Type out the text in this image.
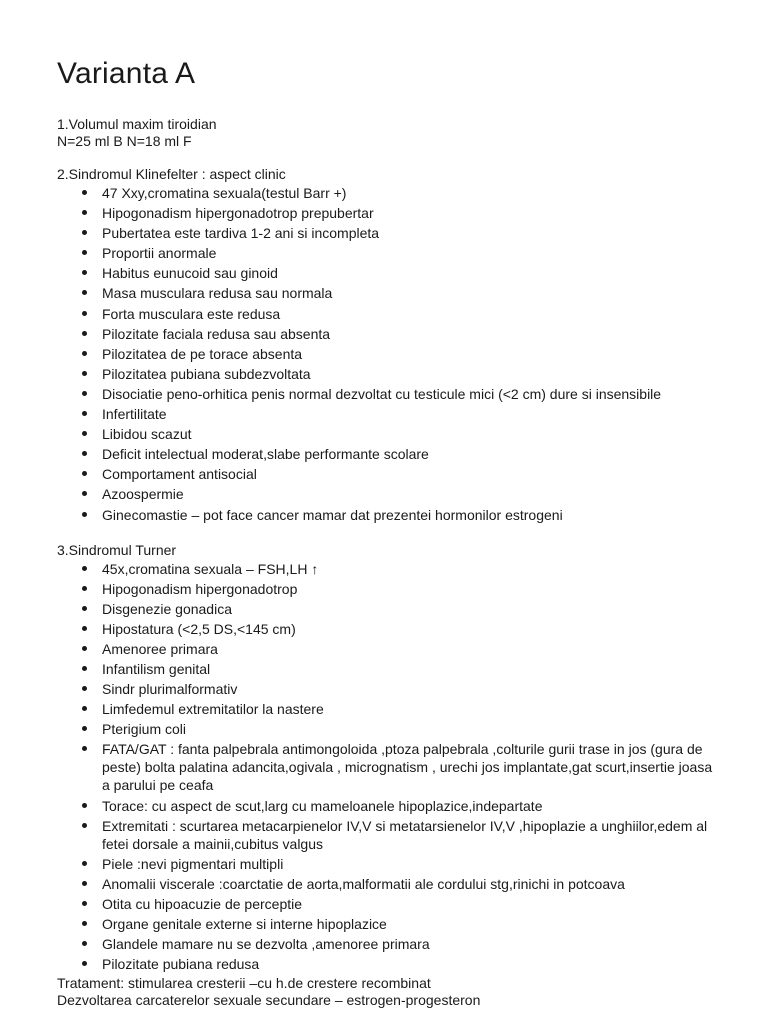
Varianta A

1.Volumul maxim tiroidian

N=25 ml B N=18 ml F

2.Sindromul Klinefelter : aspect clinic

47 Xxy,cromatina sexuala(testul Barr +)
Hipogonadism hipergonadotrop prepubertar
Pubertatea este tardiva 1-2 ani si incompleta
Proportii anormale
Habitus eunucoid sau ginoid
Masa musculara redusa sau normala
Forta musculara este redusa
Pilozitate faciala redusa sau absenta
Pilozitatea de pe torace absenta
Pilozitatea pubiana subdezvoltata
Disociatie peno-orhitica penis normal dezvoltat cu testicule mici (<2 cm) dure si insensibile
Infertilitate
Libidou scazut
Deficit intelectual moderat,slabe performante scolare
Comportament antisocial
Azoospermie
Ginecomastie – pot face cancer mamar dat prezentei hormonilor estrogeni

3.Sindromul Turner

45x,cromatina sexuala – FSH,LH ↑
Hipogonadism hipergonadotrop
Disgenezie gonadica
Hipostatura (<2,5 DS,<145 cm)
Amenoree primara
Infantilism genital
Sindr plurimalformativ
Limfedemul extremitatilor la nastere
Pterigium coli
FATA/GAT : fanta palpebrala antimongoloida ,ptoza palpebrala ,colturile gurii trase in jos (gura de peste) bolta palatina adancita,ogivala , micrognatism , urechi jos implantate,gat scurt,insertie joasa a parului pe ceafa
Torace: cu aspect de scut,larg cu mameloanele hipoplazice,indepartate
Extremitati : scurtarea metacarpienelor IV,V si metatarsienelor IV,V ,hipoplazie a unghiilor,edem al fetei dorsale a mainii,cubitus valgus
Piele :nevi pigmentari multipli
Anomalii viscerale :coarctatie de aorta,malformatii ale cordului stg,rinichi in potcoava
Otita cu hipoacuzie de perceptie
Organe genitale externe si interne hipoplazice
Glandele mamare nu se dezvolta ,amenoree primara
Pilozitate pubiana redusa

Tratament: stimularea cresterii –cu h.de crestere recombinat

Dezvoltarea carcaterelor sexuale secundare – estrogen-progesteron
